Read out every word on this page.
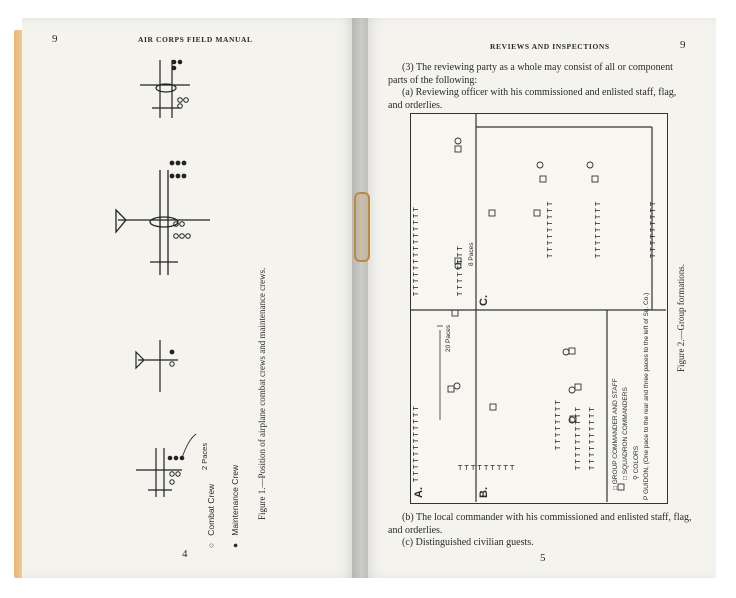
9	AIR CORPS FIELD MANUAL
4
2 Paces	Figure 1.—Position of airplane combat crews and maintenance crews.
○   Combat Crew
●   Maintenance Crew
REVIEWS AND INSPECTIONS	9
(3) The reviewing party as a whole may consist of all or component parts of the following:
(a) Reviewing officer with his commissioned and enlisted staff, flag, and orderlies.
T T T T T T T T T
T T T T T T T T T T T T
T T T T T T T T T T T T T T	T T T T T T T T
T T T T T T T T T	T T T T T T T T T	T T T T T T T T T
T T T T T T T T T T T T T T T T T T T T T T T T T T T T
A.	B.
C.
20 Paces
8 Paces
□ GROUP COMMANDER AND STAFF □ SQUADRON COMMANDERS
⚲ COLORS
P GUIDON, (One pace to the rear and three paces to the left of Sq. Co.)	Figure 2.—Group formations.
(b) The local commander with his commissioned and enlisted staff, flag, and orderlies.
(c) Distinguished civilian guests.
5
